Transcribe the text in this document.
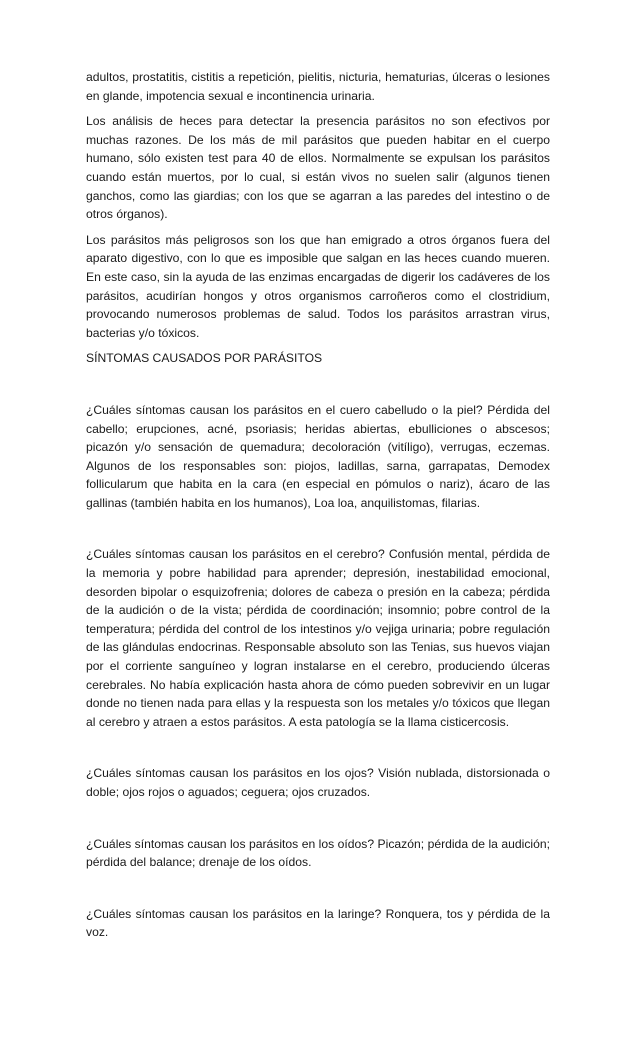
adultos, prostatitis, cistitis a repetición, pielitis, nicturia, hematurias, úlceras o lesiones en glande, impotencia sexual e incontinencia urinaria.

Los análisis de heces para detectar la presencia parásitos no son efectivos por muchas razones. De los más de mil parásitos que pueden habitar en el cuerpo humano, sólo existen test para 40 de ellos. Normalmente se expulsan los parásitos cuando están muertos, por lo cual, si están vivos no suelen salir (algunos tienen ganchos, como las giardias; con los que se agarran a las paredes del intestino o de otros órganos).

Los parásitos más peligrosos son los que han emigrado a otros órganos fuera del aparato digestivo, con lo que es imposible que salgan en las heces cuando mueren. En este caso, sin la ayuda de las enzimas encargadas de digerir los cadáveres de los parásitos, acudirían hongos y otros organismos carroñeros como el clostridium, provocando numerosos problemas de salud. Todos los parásitos arrastran virus, bacterias y/o tóxicos.

SÍNTOMAS CAUSADOS POR PARÁSITOS

¿Cuáles síntomas causan los parásitos en el cuero cabelludo o la piel? Pérdida del cabello; erupciones, acné, psoriasis; heridas abiertas, ebulliciones o abscesos; picazón y/o sensación de quemadura; decoloración (vitíligo), verrugas, eczemas. Algunos de los responsables son: piojos, ladillas, sarna, garrapatas, Demodex follicularum que habita en la cara (en especial en pómulos o nariz), ácaro de las gallinas (también habita en los humanos), Loa loa, anquilistomas, filarias.

¿Cuáles síntomas causan los parásitos en el cerebro? Confusión mental, pérdida de la memoria y pobre habilidad para aprender; depresión, inestabilidad emocional, desorden bipolar o esquizofrenia; dolores de cabeza o presión en la cabeza; pérdida de la audición o de la vista; pérdida de coordinación; insomnio; pobre control de la temperatura; pérdida del control de los intestinos y/o vejiga urinaria; pobre regulación de las glándulas endocrinas. Responsable absoluto son las Tenias, sus huevos viajan por el corriente sanguíneo y logran instalarse en el cerebro, produciendo úlceras cerebrales. No había explicación hasta ahora de cómo pueden sobrevivir en un lugar donde no tienen nada para ellas y la respuesta son los metales y/o tóxicos que llegan al cerebro y atraen a estos parásitos. A esta patología se la llama cisticercosis.

¿Cuáles síntomas causan los parásitos en los ojos? Visión nublada, distorsionada o doble; ojos rojos o aguados; ceguera; ojos cruzados.

¿Cuáles síntomas causan los parásitos en los oídos? Picazón; pérdida de la audición; pérdida del balance; drenaje de los oídos.

¿Cuáles síntomas causan los parásitos en la laringe? Ronquera, tos y pérdida de la voz.
